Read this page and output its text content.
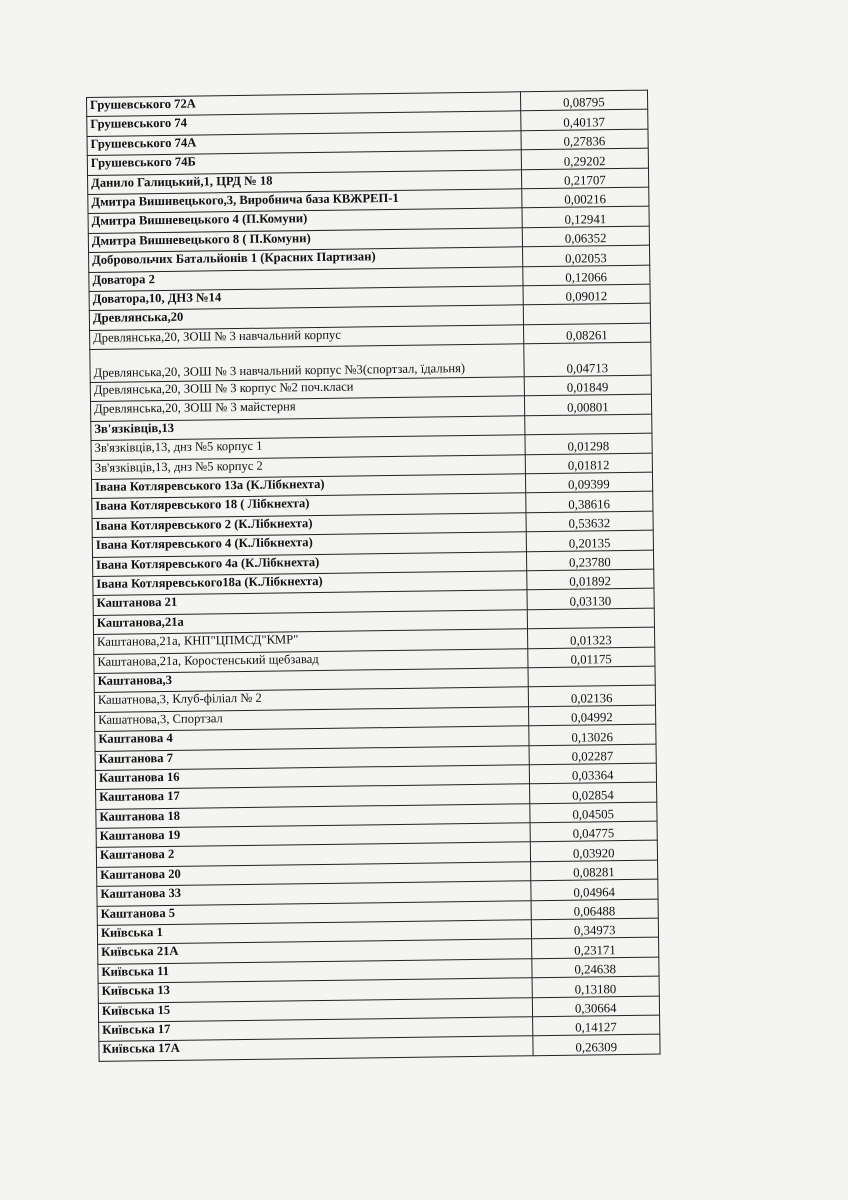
Грушевського 72А	0,08795
Грушевського 74	0,40137
Грушевського 74А	0,27836
Грушевського 74Б	0,29202
Данило Галицький,1, ЦРД № 18	0,21707
Дмитра Вишнвецького,3, Виробнича база КВЖРЕП-1	0,00216
Дмитра Вишневецького 4 (П.Комуни)	0,12941
Дмитра Вишневецького 8 ( П.Комуни)	0,06352
Добровольчих Батальйонів 1 (Красних Партизан)	0,02053
Доватора 2	0,12066
Доватора,10, ДНЗ №14	0,09012
Древлянська,20	
Древлянська,20, ЗОШ № 3 навчальний корпус	0,08261
Древлянська,20, ЗОШ № 3 навчальний корпус №3(спортзал, їдальня)	0,04713
Древлянська,20, ЗОШ № 3 корпус №2 поч.класи	0,01849
Древлянська,20, ЗОШ № 3 майстерня	0,00801
Зв'язківців,13	
Зв'язківців,13, днз №5 корпус 1	0,01298
Зв'язківців,13, днз №5 корпус 2	0,01812
Івана Котляревського 13а (К.Лібкнехта)	0,09399
Івана Котляревського 18 ( Лібкнехта)	0,38616
Івана Котляревського 2 (К.Лібкнехта)	0,53632
Івана Котляревського 4 (К.Лібкнехта)	0,20135
Івана Котляревського 4а (К.Лібкнехта)	0,23780
Івана Котляревського18а (К.Лібкнехта)	0,01892
Каштанова 21	0,03130
Каштанова,21а	
Каштанова,21а, КНП"ЦПМСД"КМР"	0,01323
Каштанова,21а, Коростенський щебзавад	0,01175
Каштанова,3	
Кашатнова,3, Клуб-філіал № 2	0,02136
Кашатнова,3, Спортзал	0,04992
Каштанова 4	0,13026
Каштанова 7	0,02287
Каштанова 16	0,03364
Каштанова 17	0,02854
Каштанова 18	0,04505
Каштанова 19	0,04775
Каштанова 2	0,03920
Каштанова 20	0,08281
Каштанова 33	0,04964
Каштанова 5	0,06488
Київська 1	0,34973
Київська 21А	0,23171
Київська 11	0,24638
Київська 13	0,13180
Київська 15	0,30664
Київська 17	0,14127
Київська 17А	0,26309
